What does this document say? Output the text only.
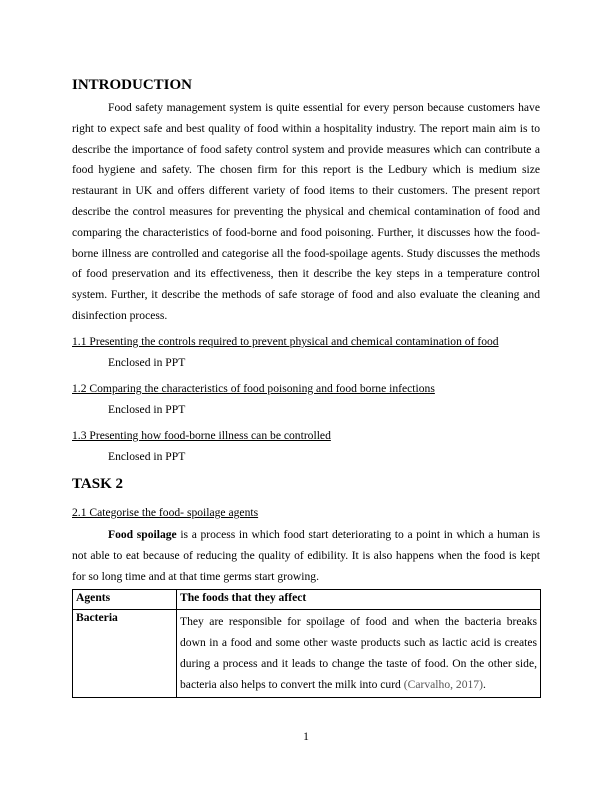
INTRODUCTION

Food safety management system is quite essential for every person because customers have right to expect safe and best quality of food within a hospitality industry. The report main aim is to describe the importance of food safety control system and provide measures which can contribute a food hygiene and safety. The chosen firm for this report is the Ledbury which is medium size restaurant in UK and offers different variety of food items to their customers. The present report describe the control measures for preventing the physical and chemical contamination of food and comparing the characteristics of food-borne and food poisoning. Further, it discusses how the food-borne illness are controlled and categorise all the food-spoilage agents. Study discusses the methods of food preservation and its effectiveness, then it describe the key steps in a temperature control system. Further, it describe the methods of safe storage of food and also evaluate the cleaning and disinfection process.

1.1 Presenting the controls required to prevent physical and chemical contamination of food

Enclosed in PPT

1.2 Comparing the characteristics of food poisoning and food borne infections

Enclosed in PPT

1.3 Presenting how food-borne illness can be controlled

Enclosed in PPT

TASK 2

2.1 Categorise the food- spoilage agents

Food spoilage is a process in which food start deteriorating to a point in which a human is not able to eat because of reducing the quality of edibility. It is also happens when the food is kept for so long time and at that time germs start growing.

Agents	The foods that they affect
Bacteria	They are responsible for spoilage of food and when the bacteria breaks down in a food and some other waste products such as lactic acid is creates during a process and it leads to change the taste of food. On the other side, bacteria also helps to convert the milk into curd (Carvalho, 2017).
1
